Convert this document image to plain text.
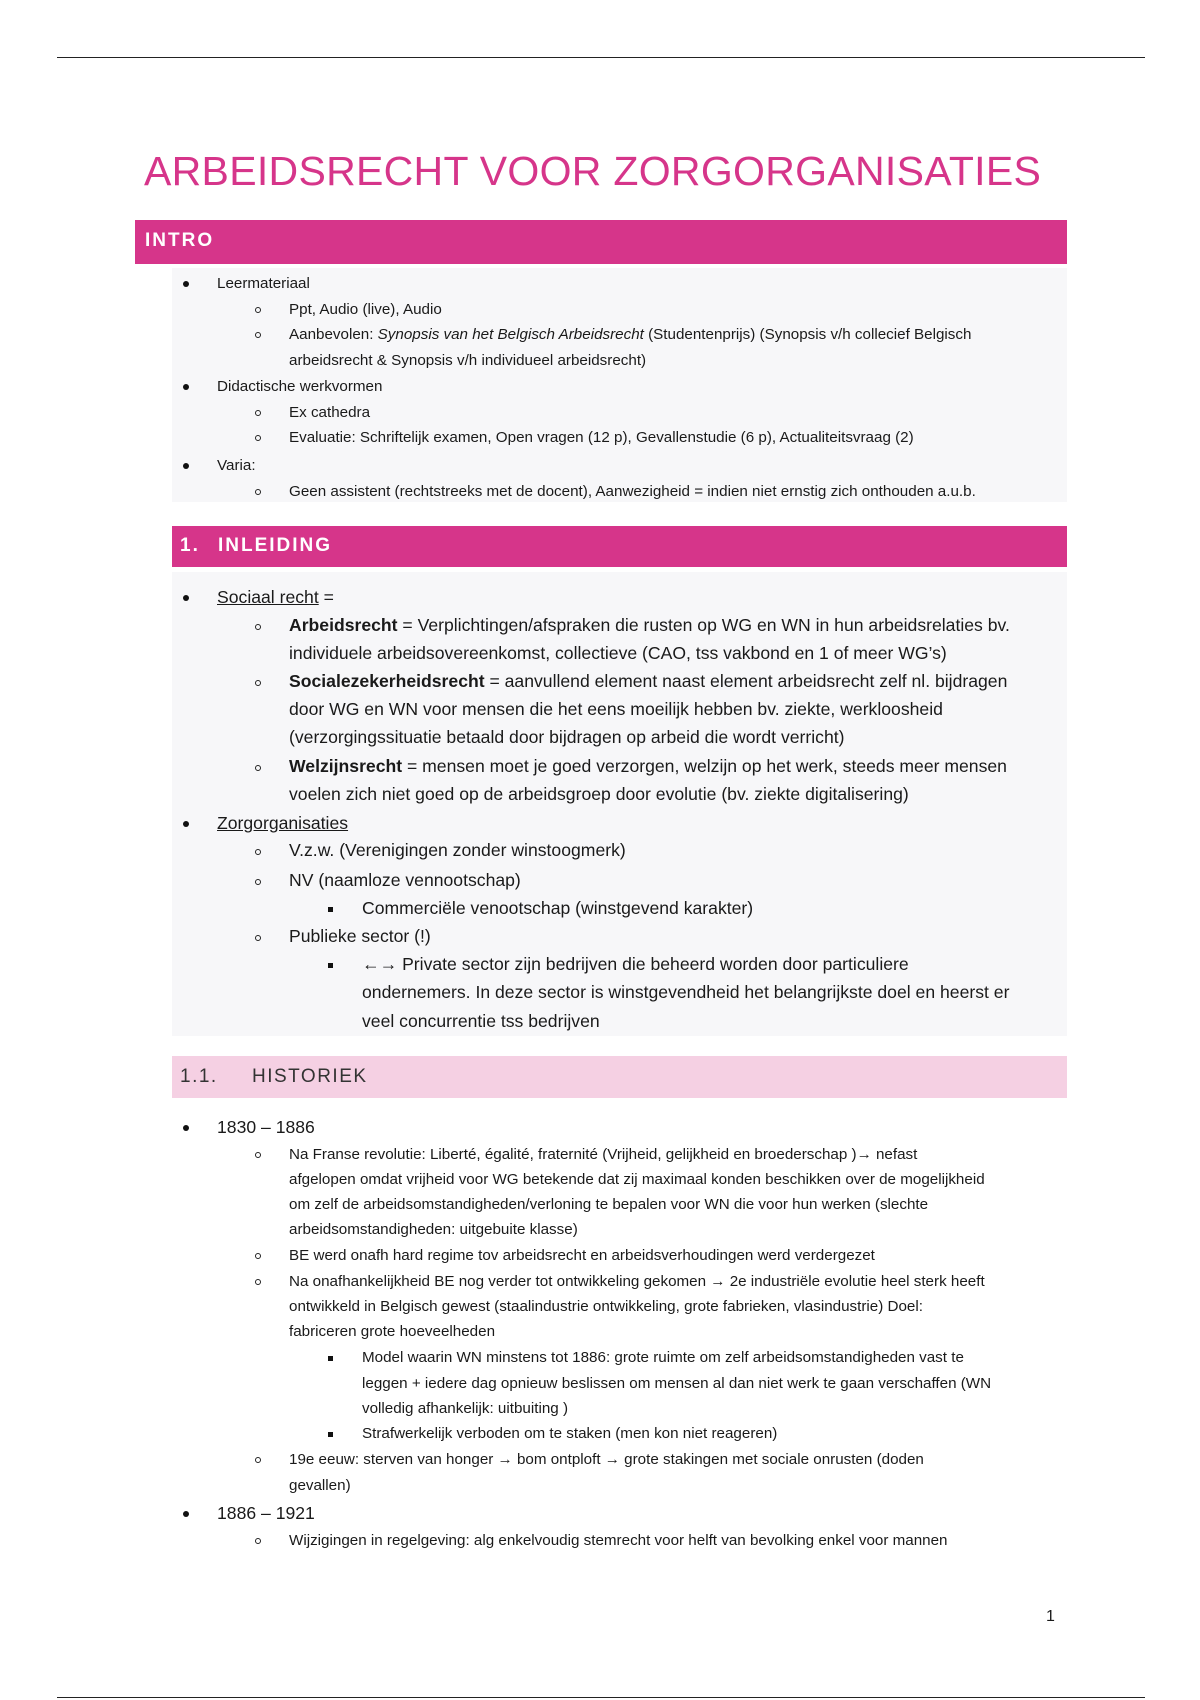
ARBEIDSRECHT VOOR ZORGORGANISATIES
INTRO
Leermateriaal
Ppt, Audio (live), Audio
Aanbevolen: Synopsis van het Belgisch Arbeidsrecht (Studentenprijs) (Synopsis v/h collecief Belgisch
arbeidsrecht & Synopsis v/h individueel arbeidsrecht)
Didactische werkvormen
Ex cathedra
Evaluatie: Schriftelijk examen, Open vragen (12 p), Gevallenstudie (6 p), Actualiteitsvraag (2)
Varia:
Geen assistent (rechtstreeks met de docent), Aanwezigheid = indien niet ernstig zich onthouden a.u.b.
1. INLEIDING
Sociaal recht =
Arbeidsrecht = Verplichtingen/afspraken die rusten op WG en WN in hun arbeidsrelaties bv.
individuele arbeidsovereenkomst, collectieve (CAO, tss vakbond en 1 of meer WG’s)
Socialezekerheidsrecht = aanvullend element naast element arbeidsrecht zelf nl. bijdragen
door WG en WN voor mensen die het eens moeilijk hebben bv. ziekte, werkloosheid
(verzorgingssituatie betaald door bijdragen op arbeid die wordt verricht)
Welzijnsrecht = mensen moet je goed verzorgen, welzijn op het werk, steeds meer mensen
voelen zich niet goed op de arbeidsgroep door evolutie (bv. ziekte digitalisering)
Zorgorganisaties
V.z.w. (Verenigingen zonder winstoogmerk)
NV (naamloze vennootschap)
Commerciële venootschap (winstgevend karakter)
Publieke sector (!)
←→ Private sector zijn bedrijven die beheerd worden door particuliere
ondernemers. In deze sector is winstgevendheid het belangrijkste doel en heerst er
veel concurrentie tss bedrijven
1.1. HISTORIEK
1830 – 1886
Na Franse revolutie: Liberté, égalité, fraternité (Vrijheid, gelijkheid en broederschap )→ nefast
afgelopen omdat vrijheid voor WG betekende dat zij maximaal konden beschikken over de mogelijkheid
om zelf de arbeidsomstandigheden/verloning te bepalen voor WN die voor hun werken (slechte
arbeidsomstandigheden: uitgebuite klasse)
BE werd onafh hard regime tov arbeidsrecht en arbeidsverhoudingen werd verdergezet
Na onafhankelijkheid BE nog verder tot ontwikkeling gekomen → 2e industriële evolutie heel sterk heeft
ontwikkeld in Belgisch gewest (staalindustrie ontwikkeling, grote fabrieken, vlasindustrie) Doel:
fabriceren grote hoeveelheden
Model waarin WN minstens tot 1886: grote ruimte om zelf arbeidsomstandigheden vast te
leggen + iedere dag opnieuw beslissen om mensen al dan niet werk te gaan verschaffen (WN
volledig afhankelijk: uitbuiting )
Strafwerkelijk verboden om te staken (men kon niet reageren)
19e eeuw: sterven van honger → bom ontploft → grote stakingen met sociale onrusten (doden
gevallen)
1886 – 1921
Wijzigingen in regelgeving: alg enkelvoudig stemrecht voor helft van bevolking enkel voor mannen
1
